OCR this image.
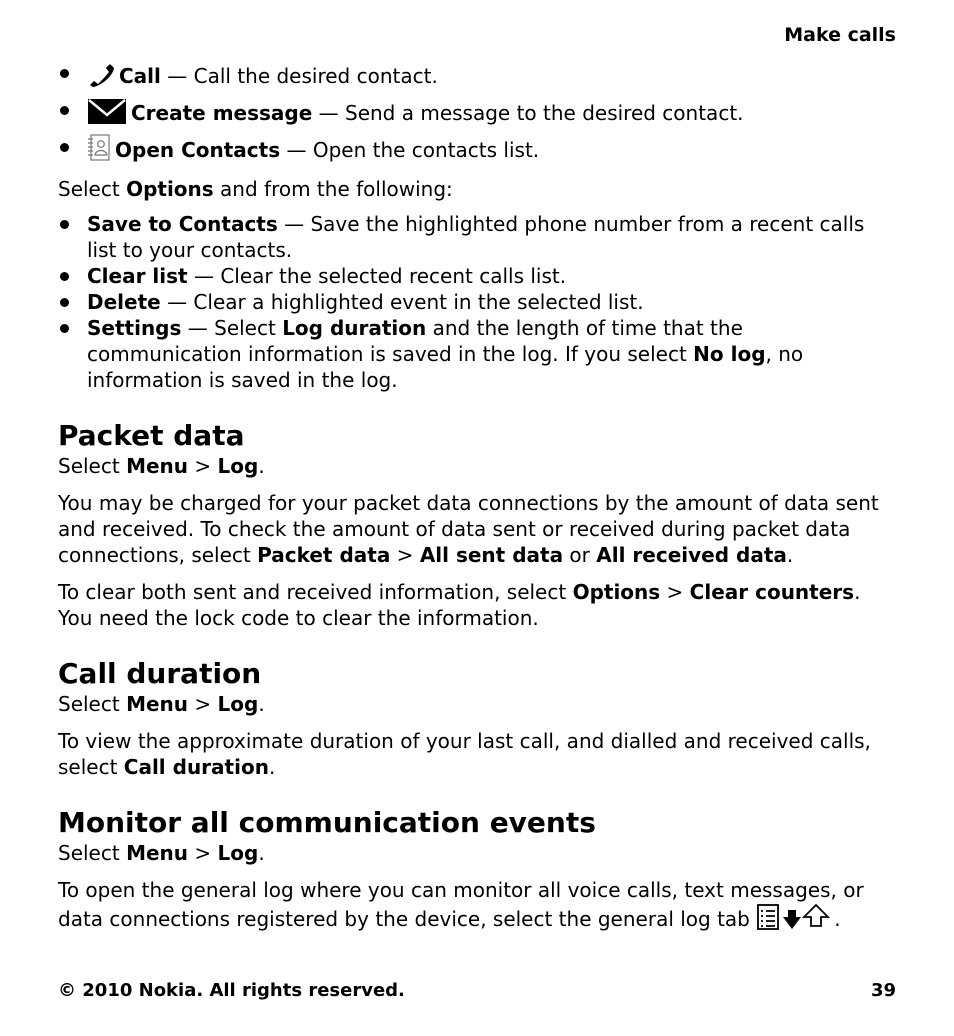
Make calls
Call — Call the desired contact.
Create message — Send a message to the desired contact.
Open Contacts — Open the contacts list.

Select Options and from the following:

Save to Contacts — Save the highlighted phone number from a recent calls list to your contacts.
Clear list — Clear the selected recent calls list.
Delete — Clear a highlighted event in the selected list.
Settings — Select Log duration and the length of time that the communication information is saved in the log. If you select No log, no information is saved in the log.
Packet data

Select Menu > Log.

You may be charged for your packet data connections by the amount of data sent and received. To check the amount of data sent or received during packet data connections, select Packet data > All sent data or All received data.

To clear both sent and received information, select Options > Clear counters. You need the lock code to clear the information.

Call duration

Select Menu > Log.

To view the approximate duration of your last call, and dialled and received calls, select Call duration.

Monitor all communication events

Select Menu > Log.

To open the general log where you can monitor all voice calls, text messages, or data connections registered by the device, select the general log tab	.

© 2010 Nokia. All rights reserved.	39
